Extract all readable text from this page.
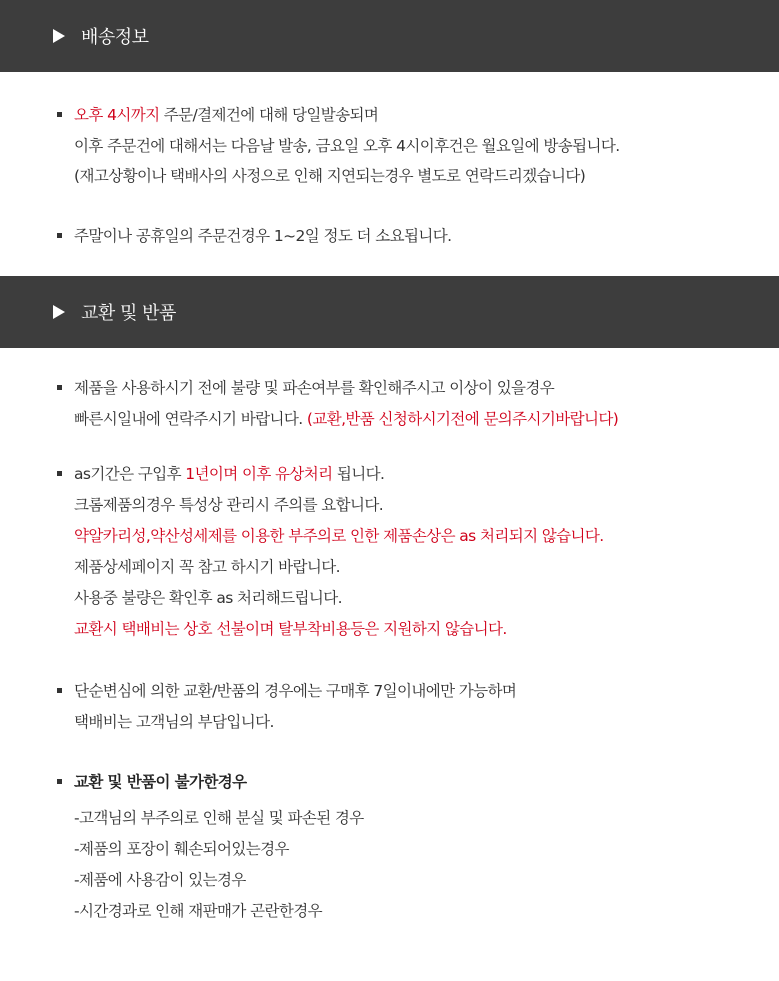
배송정보
오후 4시까지 주문/결제건에 대해 당일발송되며
이후 주문건에 대해서는 다음날 발송, 금요일 오후 4시이후건은 월요일에 방송됩니다.
(재고상황이나 택배사의 사정으로 인해 지연되는경우 별도로 연락드리겠습니다)
주말이나 공휴일의 주문건경우 1~2일 정도 더 소요됩니다.
교환 및 반품
제품을 사용하시기 전에 불량 및 파손여부를 확인해주시고 이상이 있을경우
빠른시일내에 연락주시기 바랍니다. (교환,반품 신청하시기전에 문의주시기바랍니다)
as기간은 구입후 1년이며 이후 유상처리 됩니다.
크롬제품의경우 특성상 관리시 주의를 요합니다.
약알카리성,약산성세제를 이용한 부주의로 인한 제품손상은 as 처리되지 않습니다.
제품상세페이지 꼭 참고 하시기 바랍니다.
사용중 불량은 확인후 as 처리해드립니다.
교환시 택배비는 상호 선불이며 탈부착비용등은 지원하지 않습니다.
단순변심에 의한 교환/반품의 경우에는 구매후 7일이내에만 가능하며
택배비는 고객님의 부담입니다.
교환 및 반품이 불가한경우
-고객님의 부주의로 인해 분실 및 파손된 경우
-제품의 포장이 훼손되어있는경우
-제품에 사용감이 있는경우
-시간경과로 인해 재판매가 곤란한경우
